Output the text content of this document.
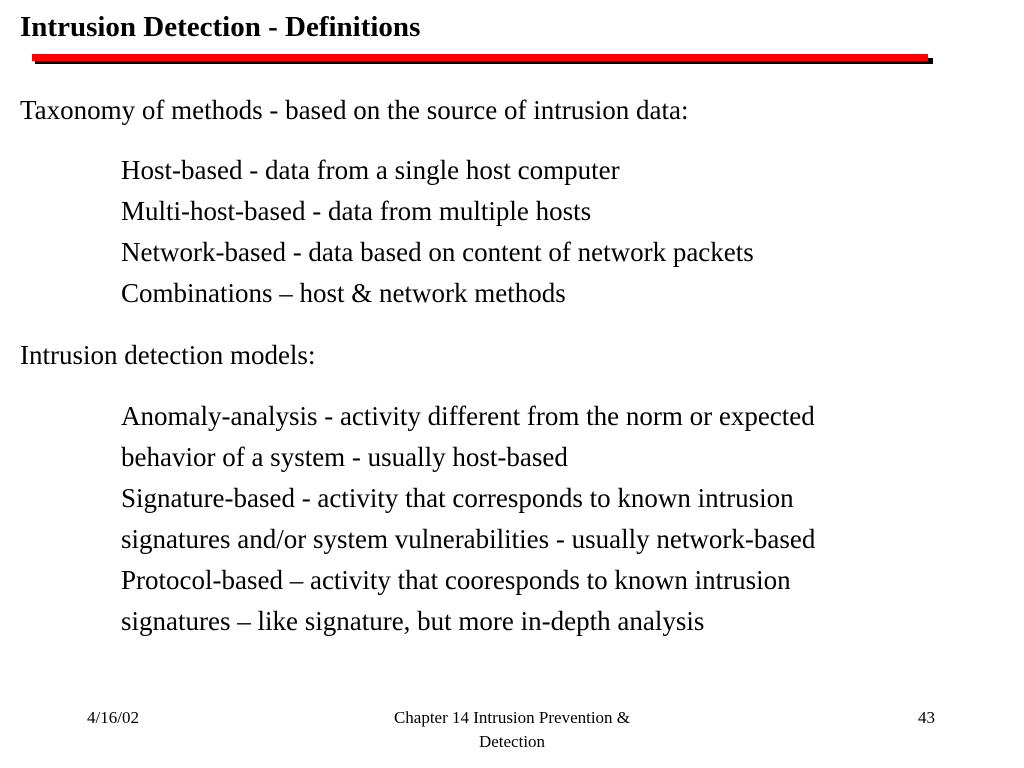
Intrusion Detection - Definitions
Taxonomy of methods - based on the source of intrusion data:
Host-based - data from a single host computer
Multi-host-based - data from multiple hosts
Network-based - data based on content of network packets
Combinations – host & network methods
Intrusion detection models:
Anomaly-analysis - activity different from the norm or expected
behavior of a system - usually host-based
Signature-based - activity that corresponds to known intrusion
signatures and/or system vulnerabilities - usually network-based
Protocol-based – activity that cooresponds to known intrusion
signatures – like signature, but more in-depth analysis
4/16/02	Chapter 14 Intrusion Prevention &
Detection
43
